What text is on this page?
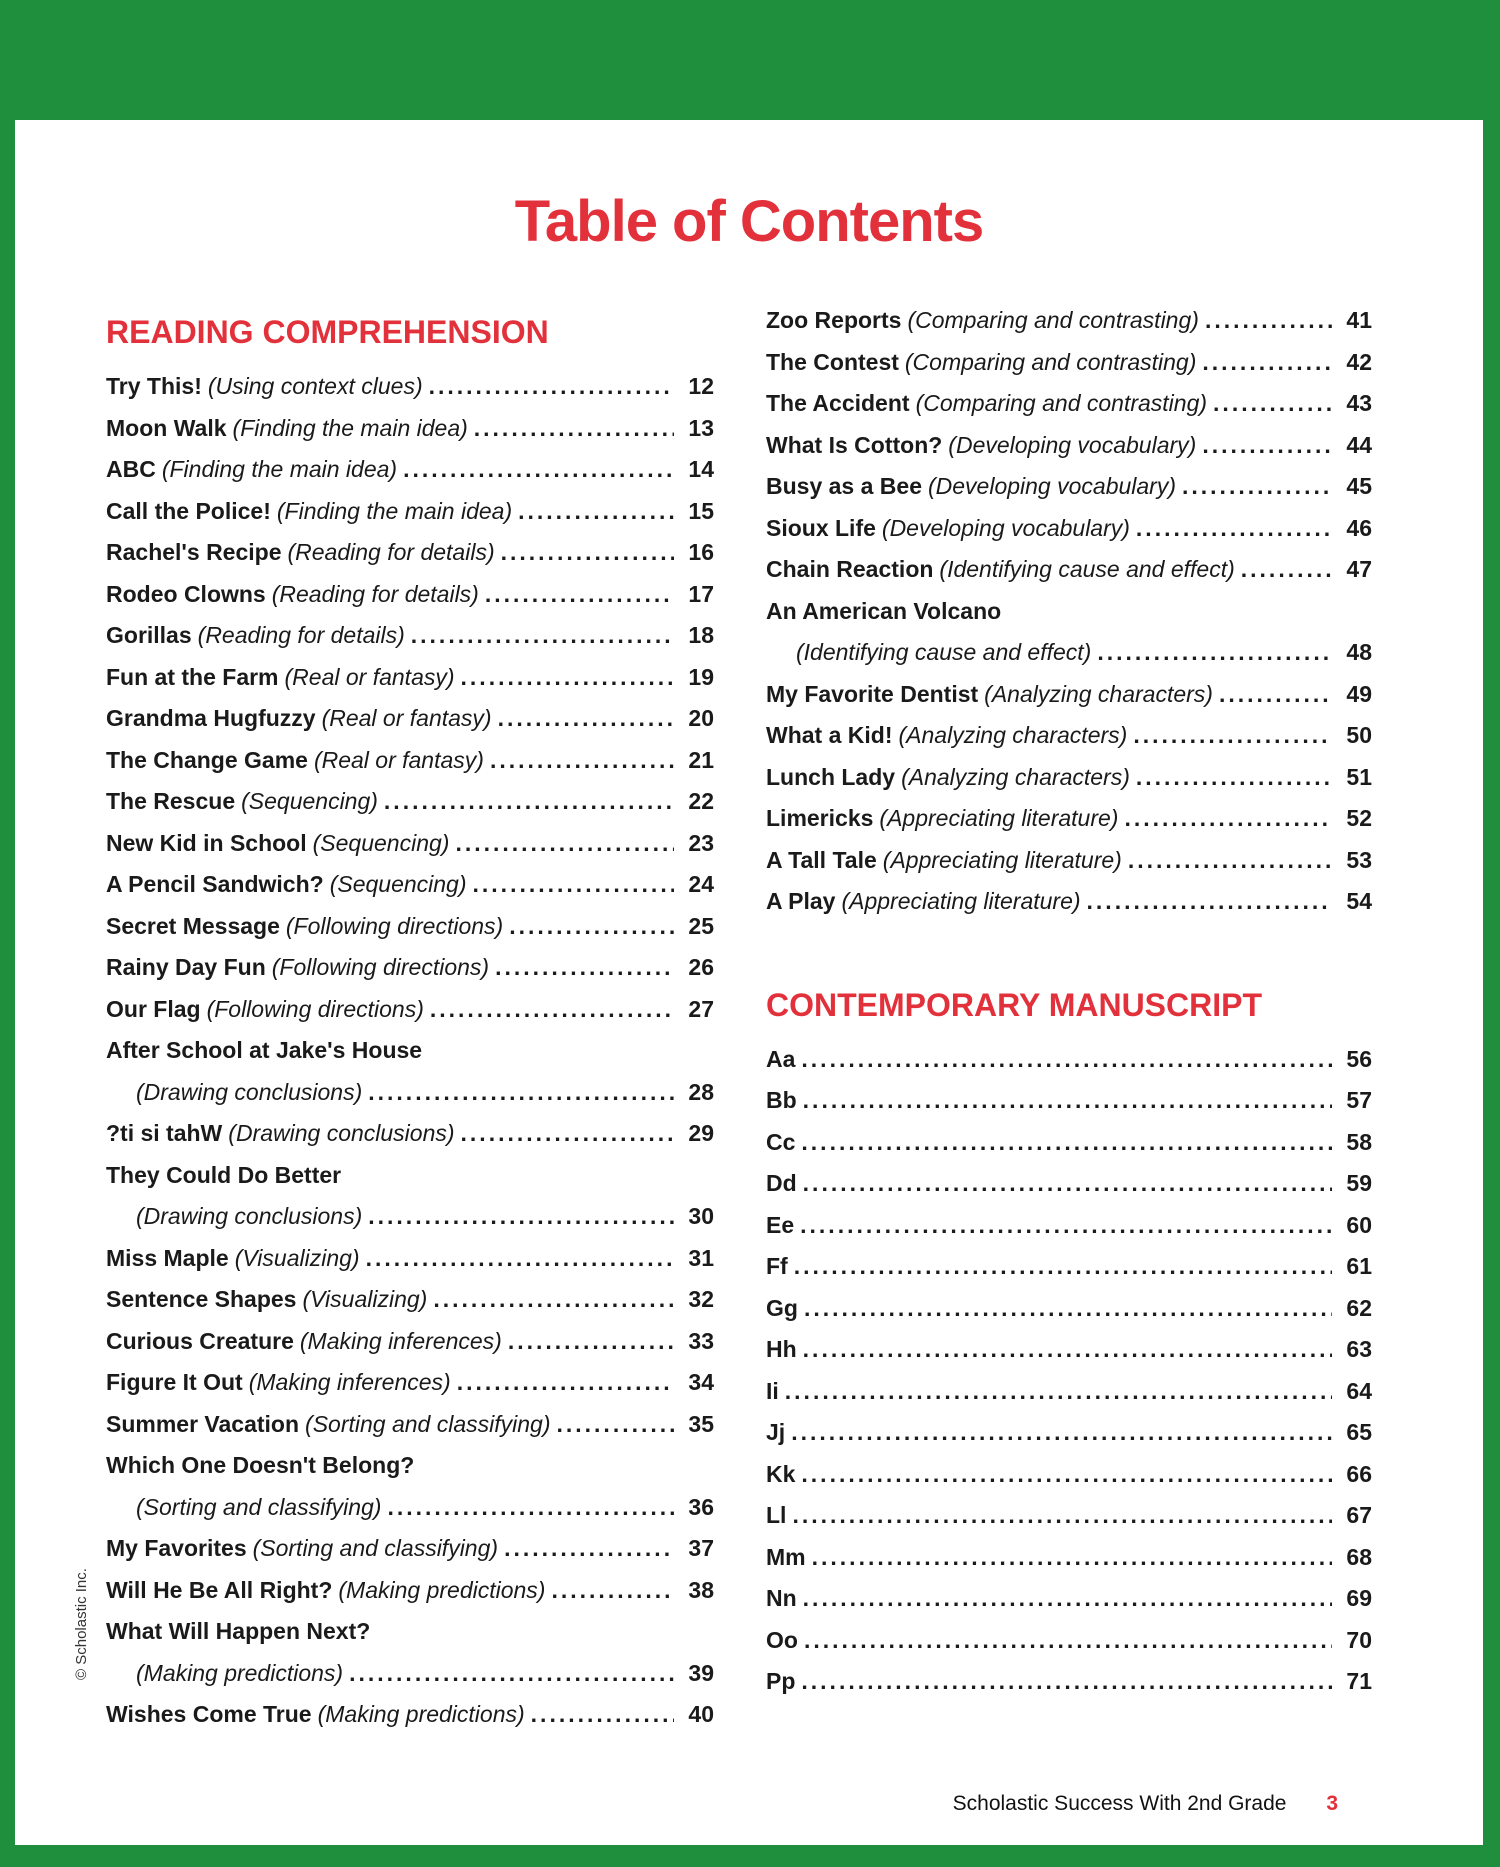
Table of Contents
READING COMPREHENSION
Try This! (Using context clues) .....	12
Moon Walk (Finding the main idea) .....	13
ABC (Finding the main idea) .....	14
Call the Police! (Finding the main idea) .....	15
Rachel's Recipe (Reading for details) .....	16
Rodeo Clowns (Reading for details) .....	17
Gorillas (Reading for details) .....	18
Fun at the Farm (Real or fantasy) .....	19
Grandma Hugfuzzy (Real or fantasy) .....	20
The Change Game (Real or fantasy) .....	21
The Rescue (Sequencing) .....	22
New Kid in School (Sequencing) .....	23
A Pencil Sandwich? (Sequencing) .....	24
Secret Message (Following directions) .....	25
Rainy Day Fun (Following directions) .....	26
Our Flag (Following directions) .....	27
After School at Jake's House
(Drawing conclusions) .....	28
?ti si tahW (Drawing conclusions) .....	29
They Could Do Better
(Drawing conclusions) .....	30
Miss Maple (Visualizing) .....	31
Sentence Shapes (Visualizing) .....	32
Curious Creature (Making inferences) .....	33
Figure It Out (Making inferences) .....	34
Summer Vacation (Sorting and classifying) .....	35
Which One Doesn't Belong?
(Sorting and classifying) .....	36
My Favorites (Sorting and classifying) .....	37
Will He Be All Right? (Making predictions) .....	38
What Will Happen Next?
(Making predictions) .....	39
Wishes Come True (Making predictions) .....	40
Zoo Reports (Comparing and contrasting) .....	41
The Contest (Comparing and contrasting) .....	42
The Accident (Comparing and contrasting) .....	43
What Is Cotton? (Developing vocabulary) .....	44
Busy as a Bee (Developing vocabulary) .....	45
Sioux Life (Developing vocabulary) .....	46
Chain Reaction (Identifying cause and effect) .....	47
An American Volcano
(Identifying cause and effect) .....	48
My Favorite Dentist (Analyzing characters) .....	49
What a Kid! (Analyzing characters) .....	50
Lunch Lady (Analyzing characters) .....	51
Limericks (Appreciating literature) .....	52
A Tall Tale (Appreciating literature) .....	53
A Play (Appreciating literature) .....	54
CONTEMPORARY MANUSCRIPT
Aa .....	56
Bb .....	57
Cc .....	58
Dd .....	59
Ee .....	60
Ff .....	61
Gg .....	62
Hh .....	63
Ii .....	64
Jj .....	65
Kk .....	66
Ll .....	67
Mm .....	68
Nn .....	69
Oo .....	70
Pp .....	71
© Scholastic Inc.
Scholastic Success With 2nd Grade 3
